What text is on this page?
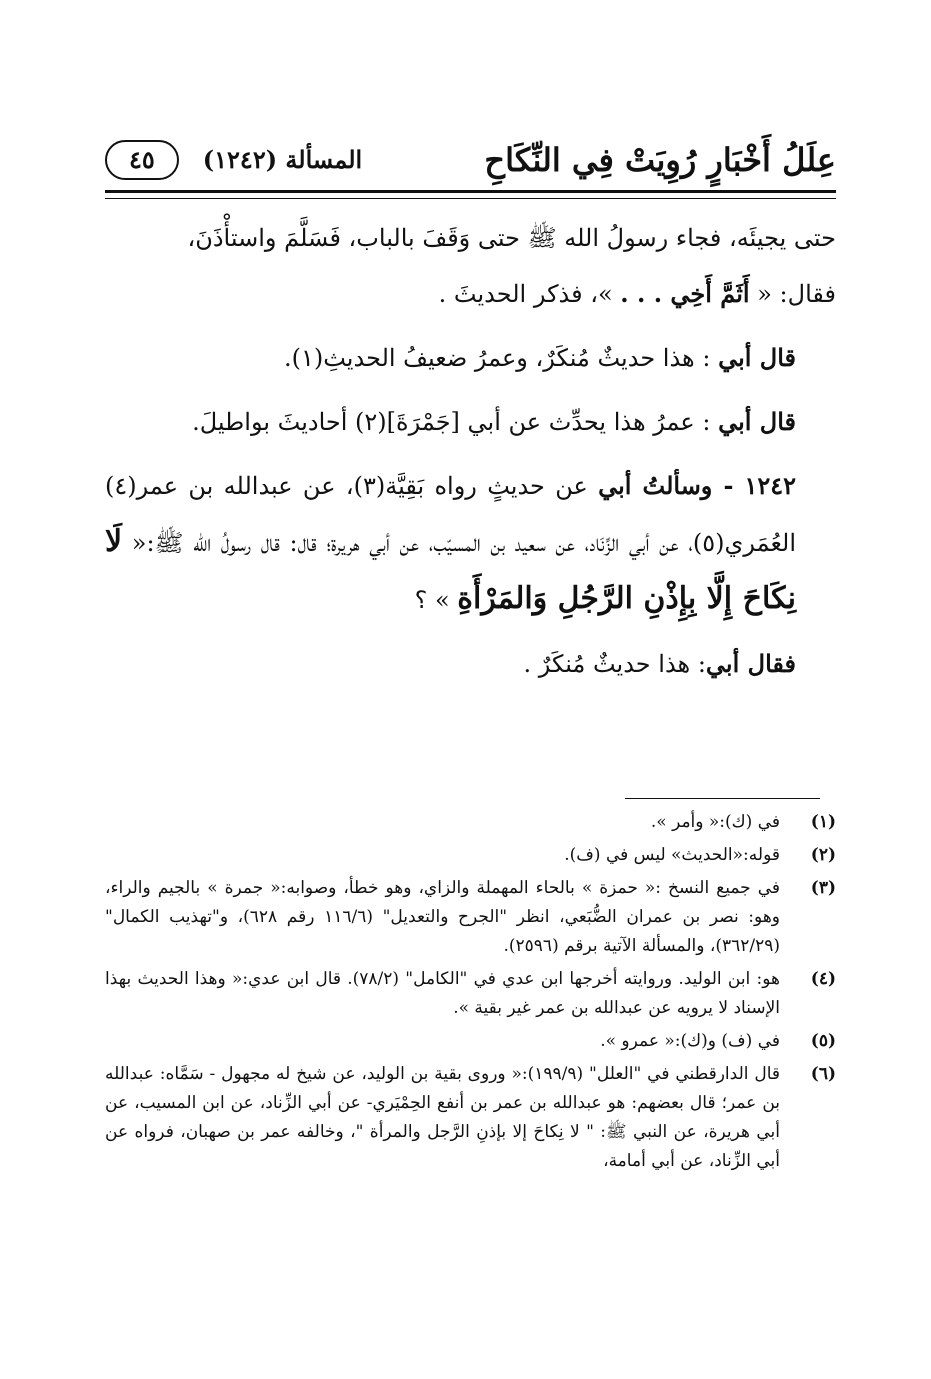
عِلَلُ أَخْبَارٍ رُوِيَتْ فِي النِّكَاحِ
المسألة (١٢٤٢)
٤٥

حتى يجيئَه، فجاء رسولُ الله ﷺ حتى وَقَفَ بالباب، فَسَلَّمَ واستأْذَنَ،
فقال: « أَثَمَّ أَخِي . . . »، فذكر الحديثَ .

قال أبي : هذا حديثٌ مُنكَرٌ، وعمرُ ضعيفُ الحديثِ(١).

قال أبي : عمرُ هذا يحدِّث عن أبي [جَمْرَةَ](٢) أحاديثَ بواطيلَ.

١٢٤٢ - وسألتُ أبي عن حديثٍ رواه بَقِيَّة(٣)، عن عبدالله بن عمر(٤) العُمَري(٥)، عن أبي الزِّنَاد، عن سعيد بن المسيّب، عن أبي هريرة؛ قال: قال رسولُ الله ﷺ:« لَا نِكَاحَ إِلَّا بِإِذْنِ الرَّجُلِ وَالمَرْأَةِ » ؟

فقال أبي: هذا حديثٌ مُنكَرٌ .

(١)
في (ك):« وأمر ».
(٢)
قوله:«الحديث» ليس في (ف).
(٣)
في جميع النسخ :« حمزة » بالحاء المهملة والزاي، وهو خطأ، وصوابه:« جمرة » بالجيم والراء، وهو: نصر بن عمران الضُّبَعي، انظر "الجرح والتعديل" (١١٦/٦ رقم ٦٢٨)، و"تهذيب الكمال" (٣٦٢/٢٩)، والمسألة الآتية برقم (٢٥٩٦).
(٤)
هو: ابن الوليد. وروايته أخرجها ابن عدي في "الكامل" (٧٨/٢). قال ابن عدي:« وهذا الحديث بهذا الإسناد لا يرويه عن عبدالله بن عمر غير بقية ».
(٥)
في (ف) و(ك):« عمرو ».
(٦)
قال الدارقطني في "العلل" (١٩٩/٩):« وروى بقية بن الوليد، عن شيخ له مجهول - سَمَّاه: عبدالله بن عمر؛ قال بعضهم: هو عبدالله بن عمر بن أنفع الحِمْيَري- عن أبي الزِّناد، عن ابن المسيب، عن أبي هريرة، عن النبي ﷺ: " لا نِكاحَ إلا بإذنِ الرَّجل والمرأة "، وخالفه عمر بن صهبان، فرواه عن أبي الزِّناد، عن أبي أمامة،
